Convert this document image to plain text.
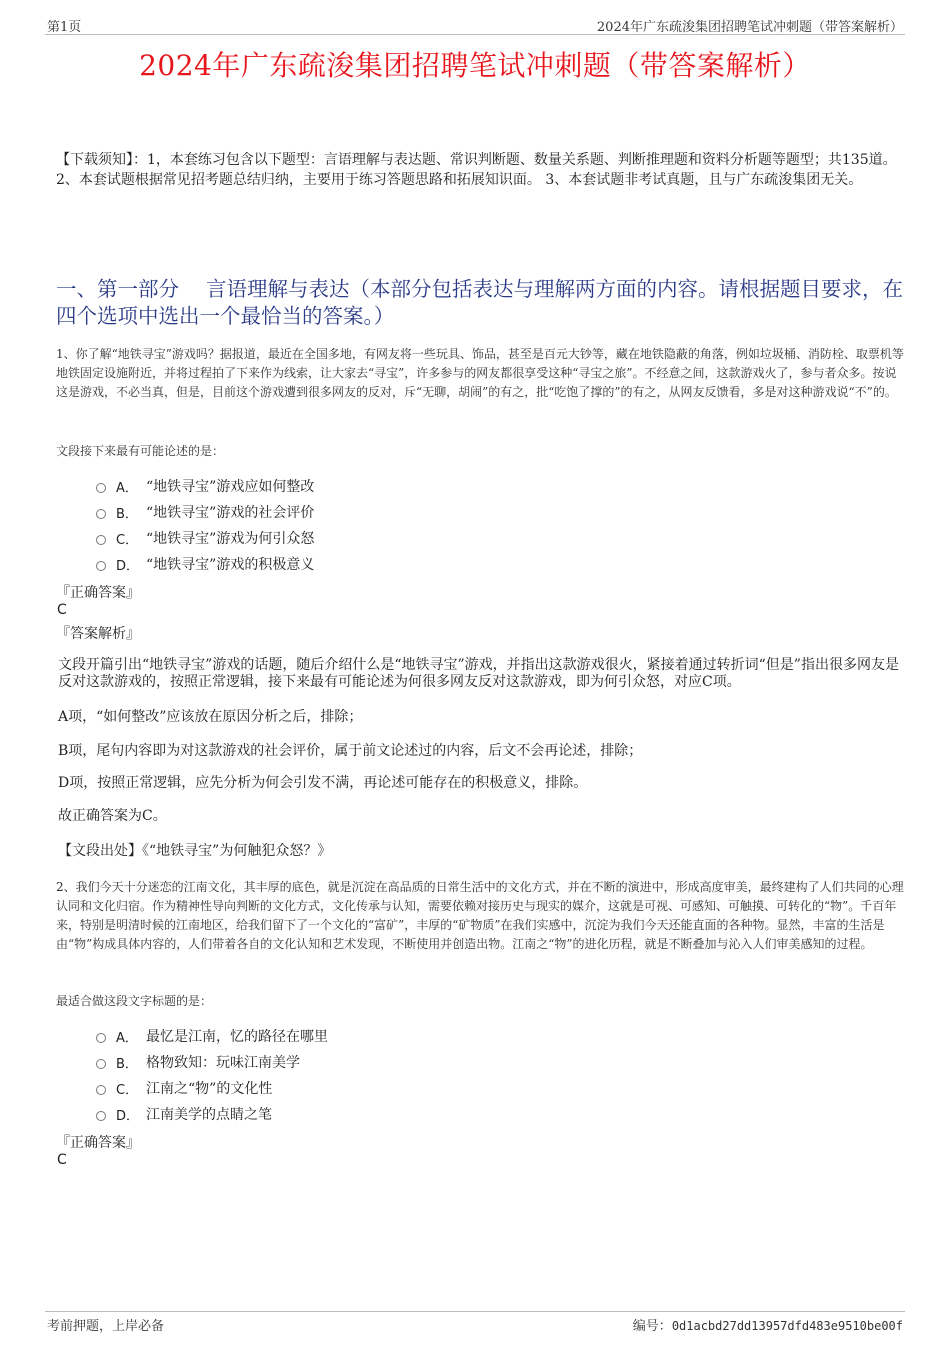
第1页	2024年广东疏浚集团招聘笔试冲刺题（带答案解析）
2024年广东疏浚集团招聘笔试冲刺题（带答案解析）
【下载须知】：1，本套练习包含以下题型：言语理解与表达题、常识判断题、数量关系题、判断推理题和资料分析题等题型；共135道。 2、本套试题根据常见招考题总结归纳，主要用于练习答题思路和拓展知识面。 3、本套试题非考试真题，且与广东疏浚集团无关。
一、第一部分　 言语理解与表达（本部分包括表达与理解两方面的内容。请根据题目要求，在四个选项中选出一个最恰当的答案。）
1、你了解“地铁寻宝”游戏吗？据报道，最近在全国多地，有网友将一些玩具、饰品，甚至是百元大钞等，藏在地铁隐蔽的角落，例如垃圾桶、消防栓、取票机等地铁固定设施附近，并将过程拍了下来作为线索，让大家去“寻宝”，许多参与的网友都很享受这种“寻宝之旅”。不经意之间，这款游戏火了，参与者众多。按说这是游戏，不必当真，但是，目前这个游戏遭到很多网友的反对，斥“无聊，胡闹”的有之，批“吃饱了撑的”的有之，从网友反馈看，多是对这种游戏说“不”的。
文段接下来最有可能论述的是：
A． “地铁寻宝”游戏应如何整改
B． “地铁寻宝”游戏的社会评价
C． “地铁寻宝”游戏为何引众怒
D． “地铁寻宝”游戏的积极意义
『正确答案』
C
『答案解析』
文段开篇引出“地铁寻宝”游戏的话题，随后介绍什么是“地铁寻宝”游戏，并指出这款游戏很火，紧接着通过转折词“但是”指出很多网友是反对这款游戏的，按照正常逻辑，接下来最有可能论述为何很多网友反对这款游戏，即为何引众怒，对应C项。
A项，“如何整改”应该放在原因分析之后，排除；
B项，尾句内容即为对这款游戏的社会评价，属于前文论述过的内容，后文不会再论述，排除；
D项，按照正常逻辑，应先分析为何会引发不满，再论述可能存在的积极意义，排除。
故正确答案为C。
【文段出处】《“地铁寻宝”为何触犯众怒？》
2、我们今天十分迷恋的江南文化，其丰厚的底色，就是沉淀在高品质的日常生活中的文化方式，并在不断的演进中，形成高度审美，最终建构了人们共同的心理认同和文化归宿。作为精神性导向判断的文化方式，文化传承与认知，需要依赖对接历史与现实的媒介，这就是可视、可感知、可触摸、可转化的“物”。千百年来，特别是明清时候的江南地区，给我们留下了一个文化的“富矿”，丰厚的“矿物质”在我们实感中，沉淀为我们今天还能直面的各种物。显然，丰富的生活是由“物”构成具体内容的，人们带着各自的文化认知和艺术发现，不断使用并创造出物。江南之“物”的进化历程，就是不断叠加与沁入人们审美感知的过程。
最适合做这段文字标题的是：
A． 最忆是江南，忆的路径在哪里
B． 格物致知：玩味江南美学
C． 江南之“物”的文化性
D． 江南美学的点睛之笔
『正确答案』
C
考前押题，上岸必备	编号：0d1acbd27dd13957dfd483e9510be00f
